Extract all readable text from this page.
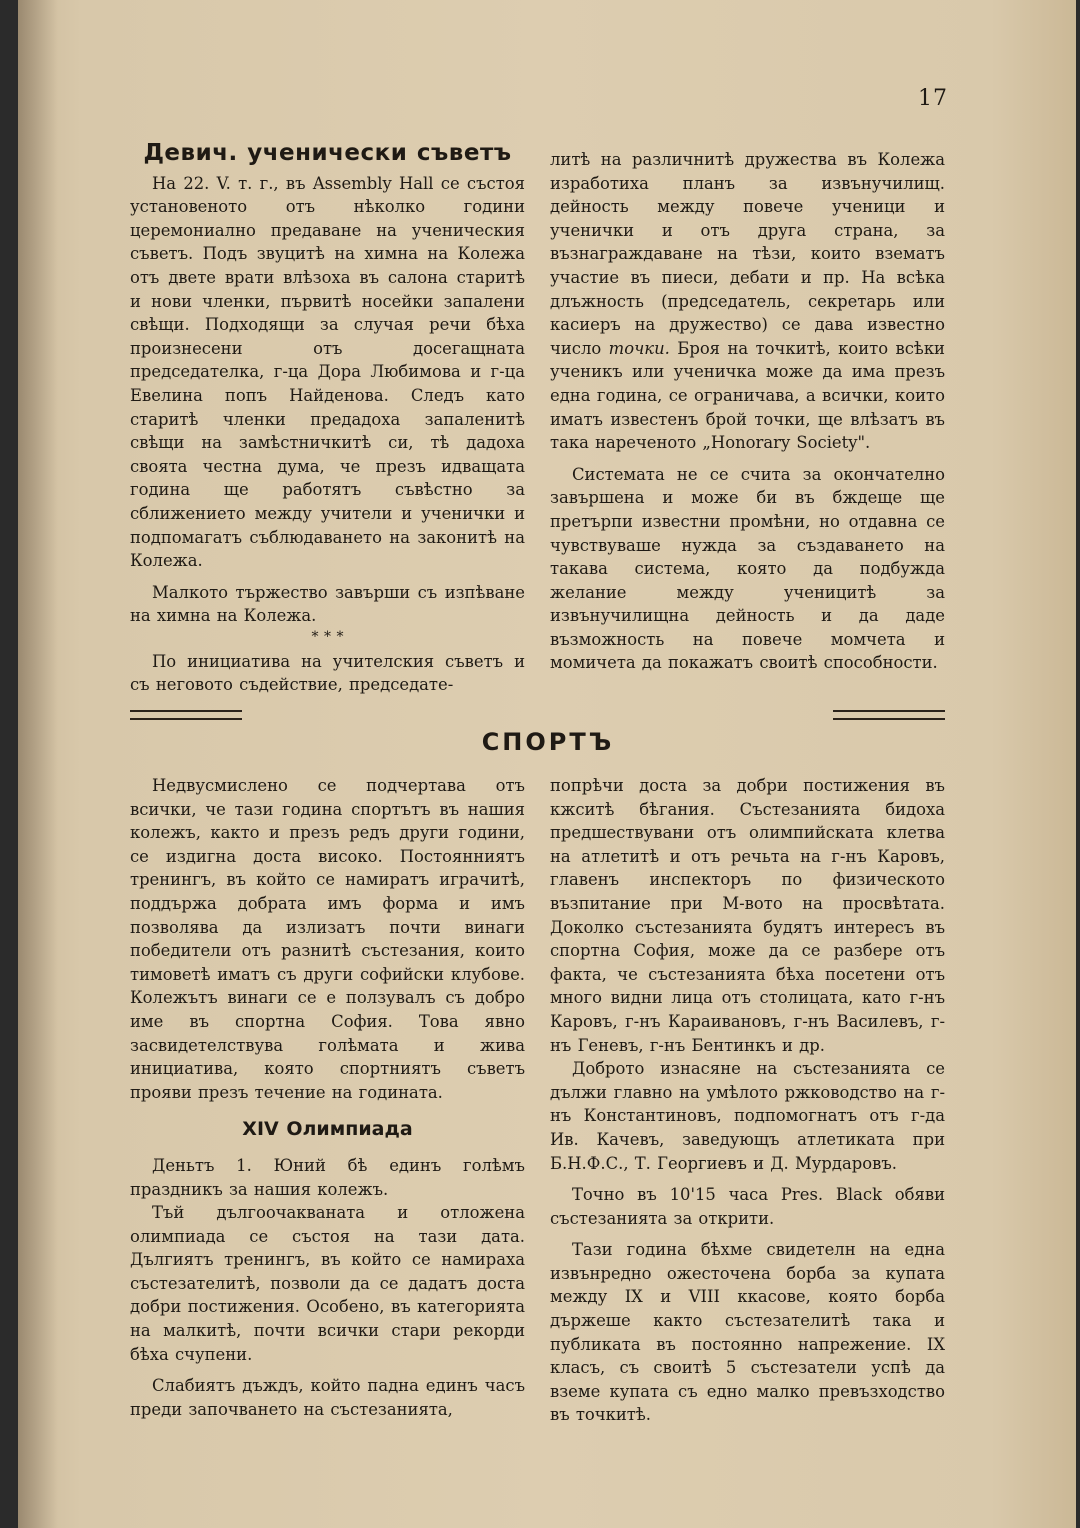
17
Девич. ученически съветъ

На 22. V. т. г., въ Assembly Hall се състоя установеното отъ нѣколко години церемониално предаване на ученическия съветъ. Подъ звуцитѣ на химна на Колежа отъ двете врати влѣзоха въ салона старитѣ и нови членки, първитѣ носейки запалени свѣщи. Подходящи за случая речи бѣха произнесени отъ досегащната председателка, г-ца Дора Любимова и г-ца Евелина попъ Найденова. Следъ като старитѣ членки предадоха запаленитѣ свѣщи на замѣстничкитѣ си, тѣ дадоха своята честна дума, че презъ идващата година ще работятъ съвѣстно за сближението между учители и ученички и подпомагатъ съблюдаването на законитѣ на Колежа.

Малкото тържество завърши съ изпѣване на химна на Колежа.

* * *

По инициатива на учителския съветъ и съ неговото съдействие, председате-

литѣ на различнитѣ дружества въ Колежа изработиха планъ за извънучилищ. дейность между повече ученици и ученички и отъ друга страна, за възнаграждаване на тѣзи, които взематъ участие въ пиеси, дебати и пр. На вcѣка длъжность (председатель, секретарь или касиеръ на дружество) се дава известно число точки. Броя на точкитѣ, които всѣки ученикъ или ученичка може да има презъ една година, се ограничава, а всички, които иматъ известенъ брой точки, ще влѣзатъ въ така нареченото „Honorary Society".

Системата не се счита за окончателно завършена и може би въ бждеще ще претърпи известни промѣни, но отдавна се чувствуваше нужда за създаването на такава система, която да подбужда желание между ученицитѣ за извънучилищна дейность и да даде възможность на повече момчета и момичета да покажатъ своитѣ способности.

СПОРТЪ

Недвусмислено се подчертава отъ всички, че тази година спортътъ въ нашия колежъ, както и презъ редъ други години, се издигна доста високо. Постоянниятъ тренингъ, въ който се намиратъ играчитѣ, поддържа добрата имъ форма и имъ позволява да излизатъ почти винаги победители отъ разнитѣ състезания, които тимоветѣ иматъ съ други софийски клубове. Колежътъ винаги се е ползувалъ съ добро име въ спортна София. Това явно засвидетелствува голѣмата и жива инициатива, която спортниятъ съветъ прояви презъ течение на годината.

XIV Олимпиада

Деньтъ 1. Юний бѣ единъ голѣмъ праздникъ за нашия колежъ.

Тъй дългоочакваната и отложена олимпиада се състоя на тази дата. Дългиятъ тренингъ, въ който се намираха състезателитѣ, позволи да се дадатъ доста добри постижения. Особено, въ категорията на малкитѣ, почти всички стари рекорди бѣха счупени.

Слабиятъ дъждъ, който падна единъ часъ преди започването на състезанията,

попрѣчи доста за добри постижения въ кжситѣ бѣгания. Състезанията бидоха предшествувани отъ олимпийската клетва на атлетитѣ и отъ речьта на г-нъ Каровъ, главенъ инспекторъ по физическото възпитание при М-вото на просвѣтата. Доколко състезанията будятъ интересъ въ спортна София, може да се разбере отъ факта, че състезанията бѣха посетени отъ много видни лица отъ столицата, като г-нъ Каровъ, г-нъ Караивановъ, г-нъ Василевъ, г-нъ Геневъ, г-нъ Бентинкъ и др.

Доброто изнасяне на състезанията се дължи главно на умѣлото ржководство на г-нъ Константиновъ, подпомогнатъ отъ г-да Ив. Качевъ, заведующъ атлетиката при Б.Н.Ф.С., Т. Георгиевъ и Д. Мурдаровъ.

Точно въ 10'15 часа Pres. Black обяви състезанията за открити.

Тази година бѣхме свидетелн на една извънредно ожесточена борба за купата между IX и VIII ккасове, която борба държеше както състезателитѣ така и публиката въ постоянно напрежение. IX класъ, съ своитѣ 5 състезатели успѣ да вземе купата съ едно малко превъзходство въ точкитѣ.
